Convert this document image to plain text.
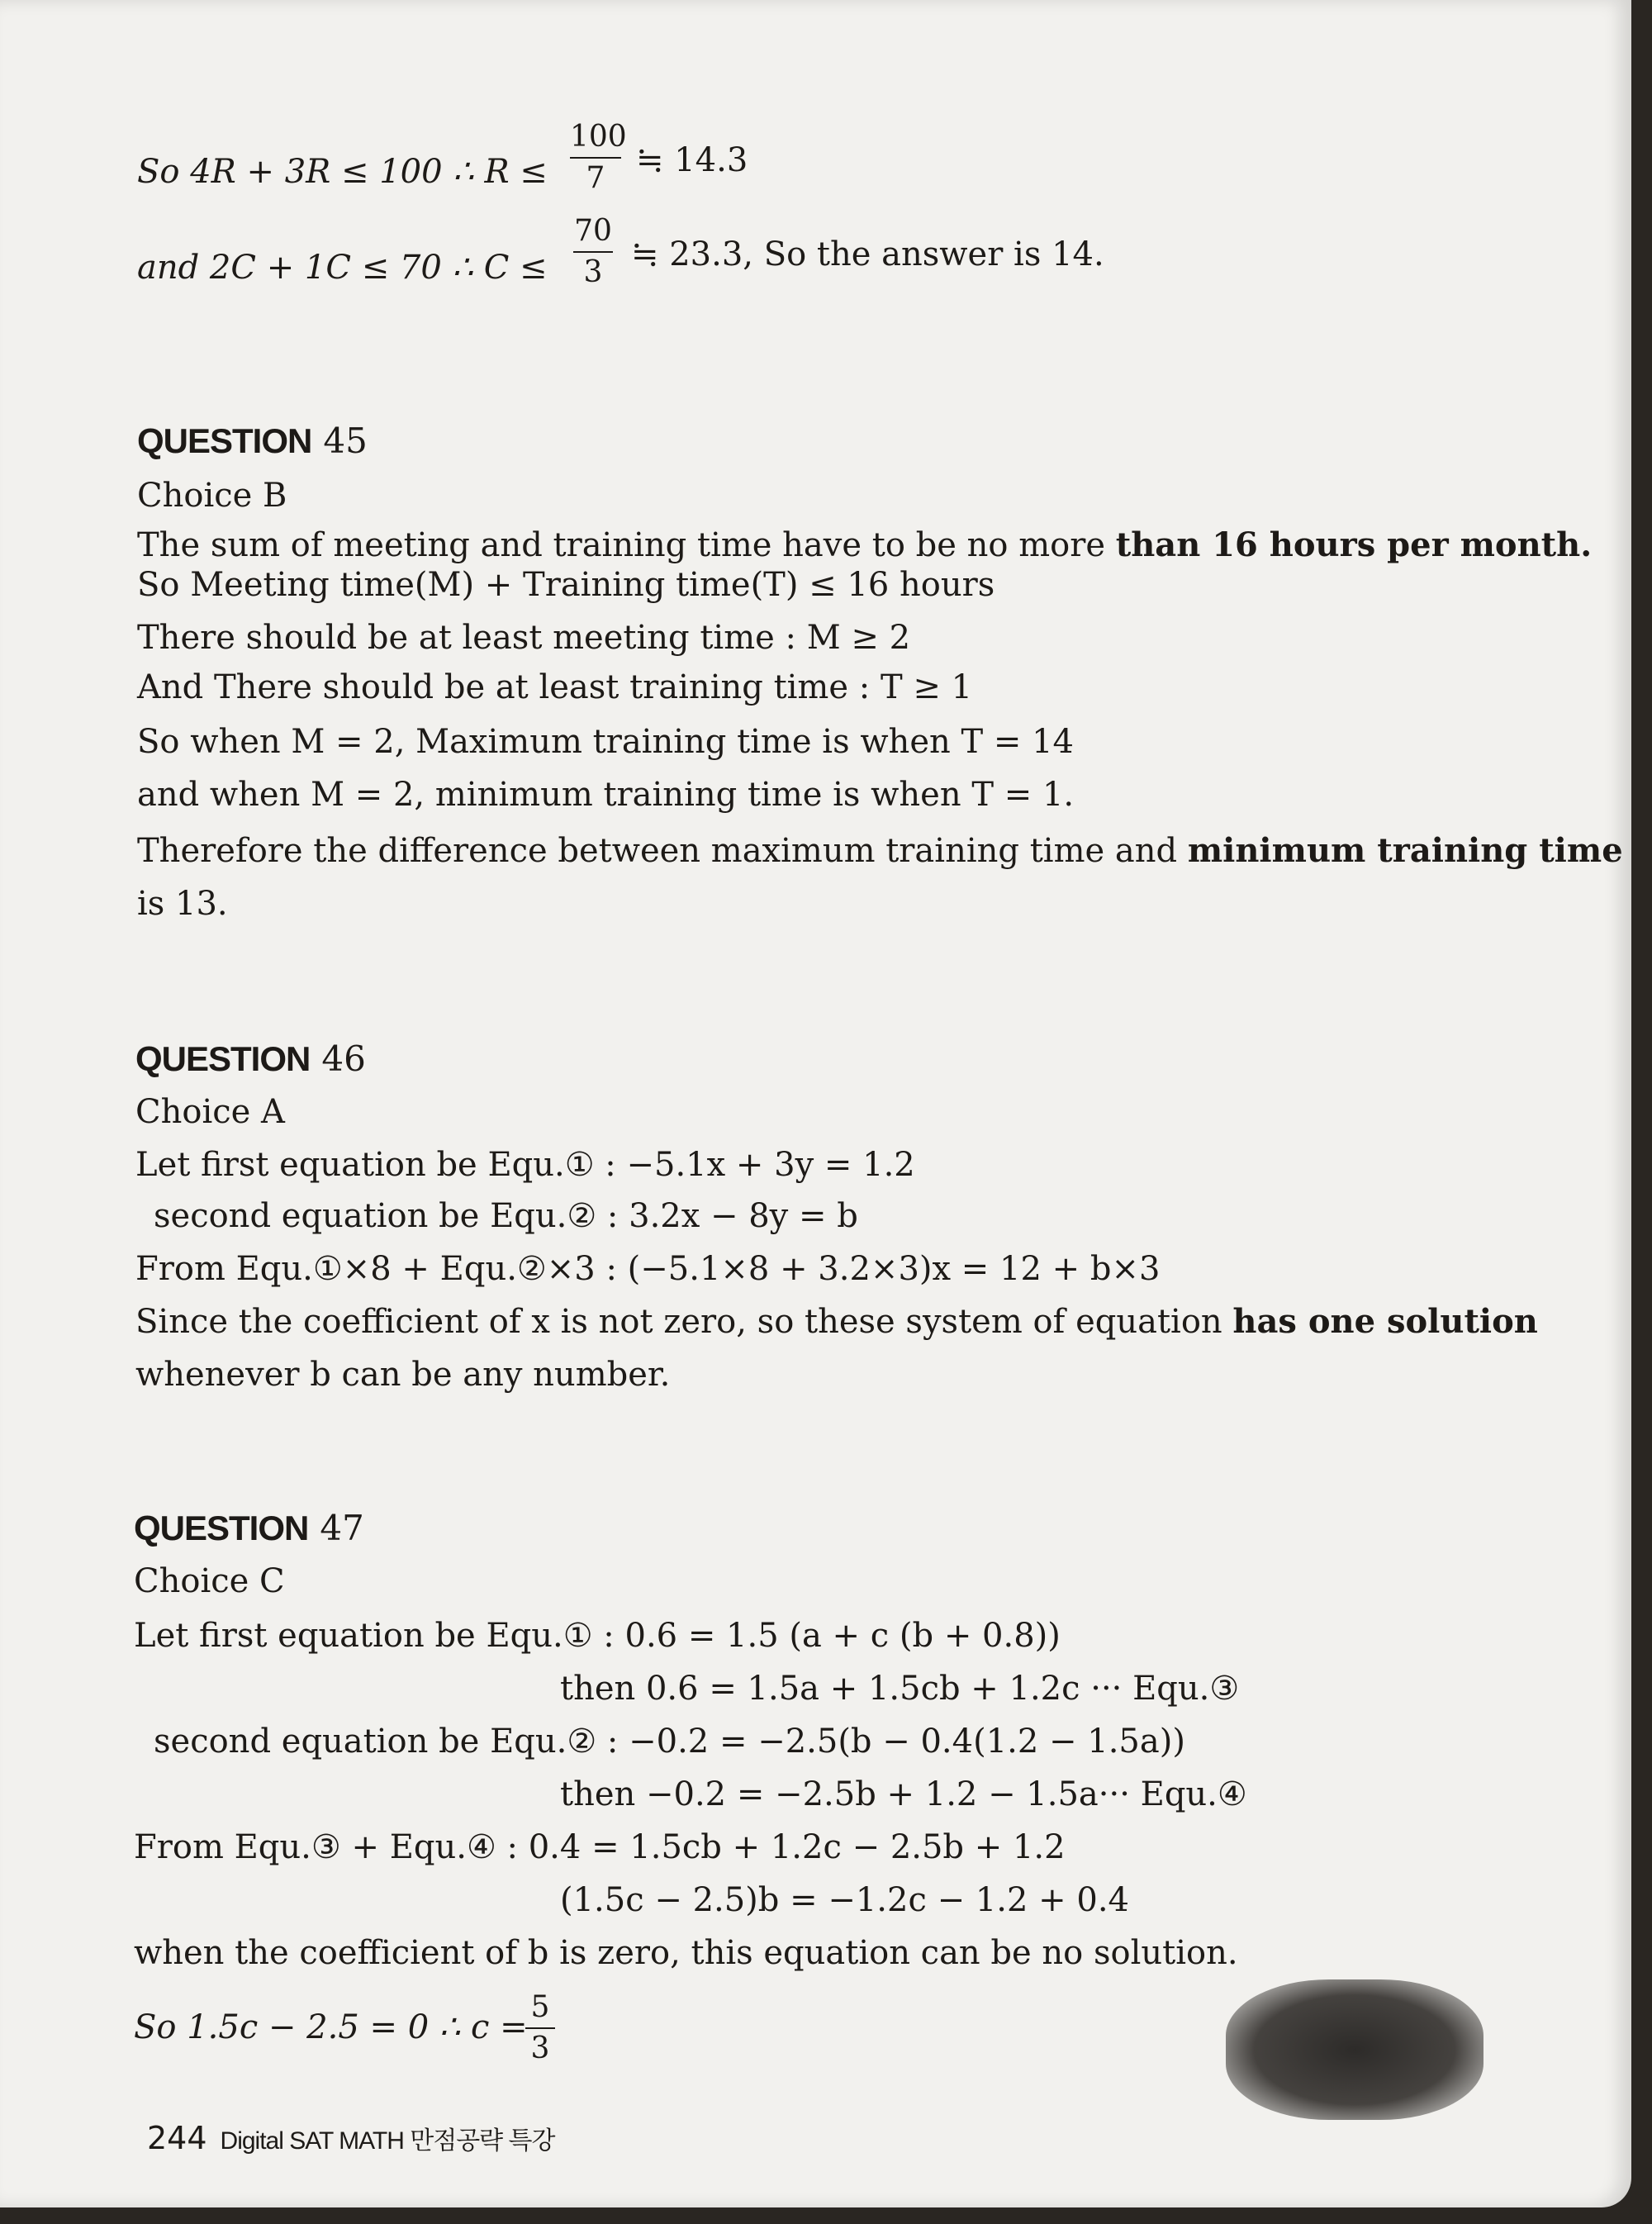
So 4R + 3R ≤ 100 ∴ R ≤
100
7 ≒ 14.3
and 2C + 1C ≤ 70 ∴ C ≤
70
3 ≒ 23.3, So the answer is 14.
QUESTION 45
Choice B
The sum of meeting and training time have to be no more than 16 hours per month.
So Meeting time(M) + Training time(T) ≤ 16 hours
There should be at least meeting time : M ≥ 2
And There should be at least training time : T ≥ 1
So when M = 2, Maximum training time is when T = 14
and when M = 2, minimum training time is when T = 1.
Therefore the difference between maximum training time and minimum training time
is 13.
QUESTION 46
Choice A
Let first equation be Equ.① : −5.1x + 3y = 1.2
second equation be Equ.② : 3.2x − 8y = b
From Equ.①×8 + Equ.②×3 : (−5.1×8 + 3.2×3)x = 12 + b×3
Since the coefficient of x is not zero, so these system of equation has one solution
whenever b can be any number.
QUESTION 47
Choice C
Let first equation be Equ.① : 0.6 = 1.5 (a + c (b + 0.8))
then 0.6 = 1.5a + 1.5cb + 1.2c ··· Equ.③
second equation be Equ.② : −0.2 = −2.5(b − 0.4(1.2 − 1.5a))
then −0.2 = −2.5b + 1.2 − 1.5a··· Equ.④
From Equ.③ + Equ.④ : 0.4 = 1.5cb + 1.2c − 2.5b + 1.2
(1.5c − 2.5)b = −1.2c − 1.2 + 0.4
when the coefficient of b is zero, this equation can be no solution.
So 1.5c − 2.5 = 0 ∴ c =
5
3
244 Digital SAT MATH 만점공략 특강
